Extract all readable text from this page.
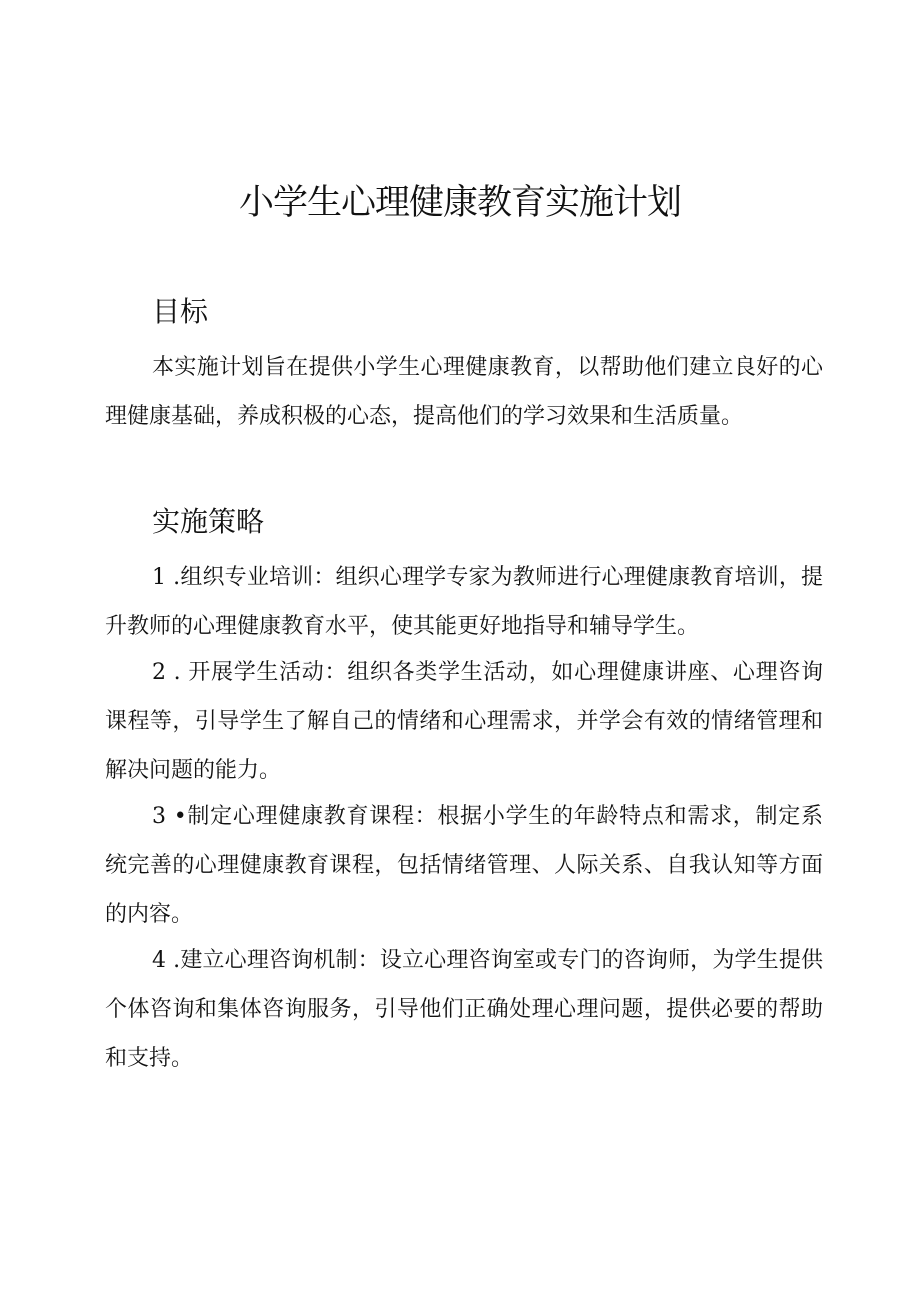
小学生心理健康教育实施计划
目标

本实施计划旨在提供小学生心理健康教育，以帮助他们建立良好的心理健康基础，养成积极的心态，提高他们的学习效果和生活质量。

实施策略

1 .组织专业培训：组织心理学专家为教师进行心理健康教育培训，提升教师的心理健康教育水平，使其能更好地指导和辅导学生。

2 . 开展学生活动：组织各类学生活动，如心理健康讲座、心理咨询课程等，引导学生了解自己的情绪和心理需求，并学会有效的情绪管理和解决问题的能力。

3 •制定心理健康教育课程：根据小学生的年龄特点和需求，制定系统完善的心理健康教育课程，包括情绪管理、人际关系、自我认知等方面的内容。

4 .建立心理咨询机制：设立心理咨询室或专门的咨询师，为学生提供个体咨询和集体咨询服务，引导他们正确处理心理问题，提供必要的帮助和支持。
